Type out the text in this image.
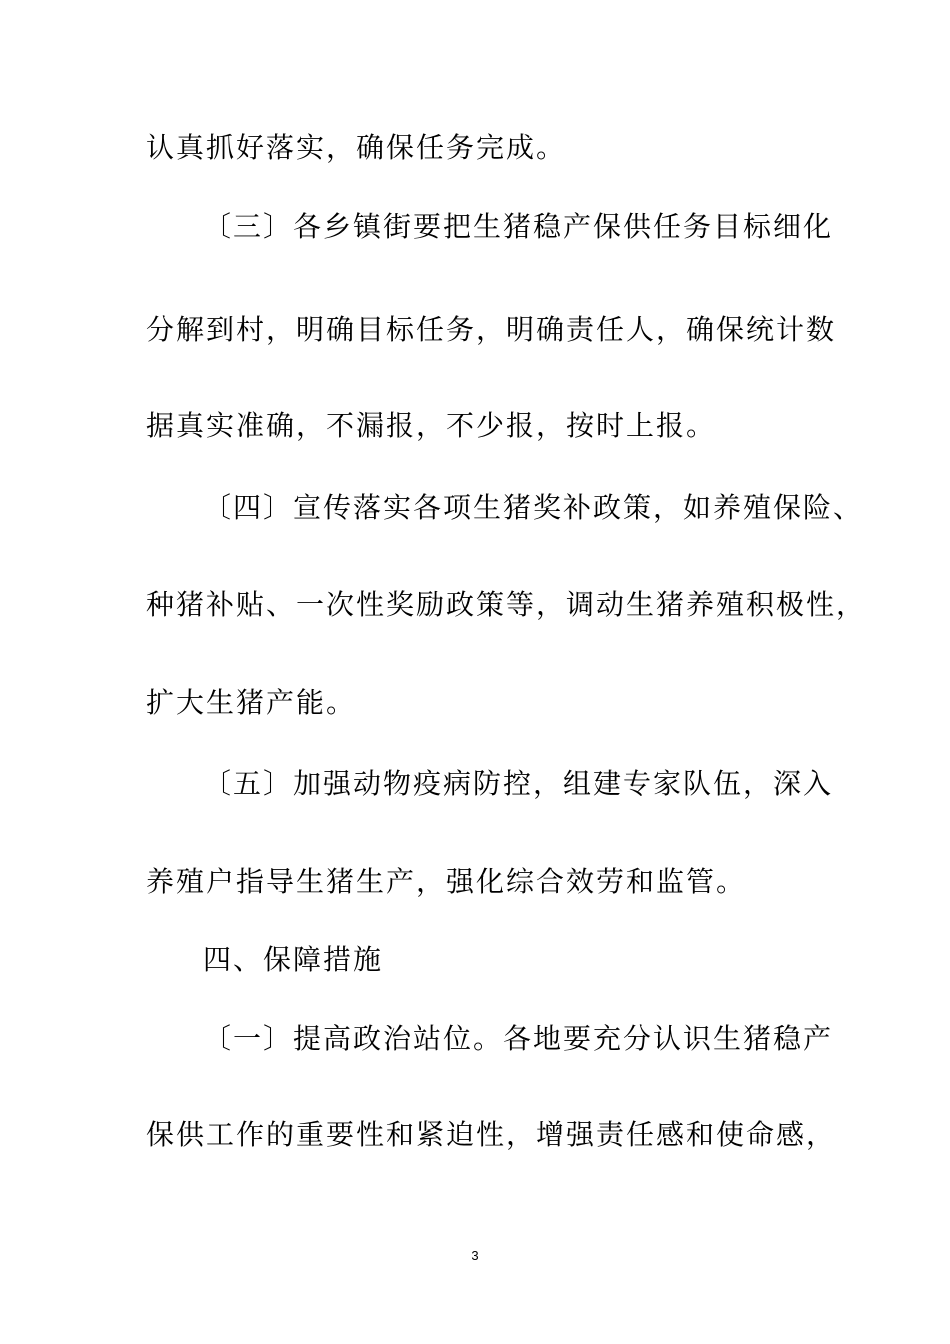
认真抓好落实，确保任务完成。
〔三〕各乡镇街要把生猪稳产保供任务目标细化
分解到村，明确目标任务，明确责任人，确保统计数
据真实准确，不漏报，不少报，按时上报。
〔四〕宣传落实各项生猪奖补政策，如养殖保险、
种猪补贴、一次性奖励政策等，调动生猪养殖积极性，
扩大生猪产能。
〔五〕加强动物疫病防控，组建专家队伍，深入
养殖户指导生猪生产，强化综合效劳和监管。
四、保障措施
〔一〕提高政治站位。各地要充分认识生猪稳产
保供工作的重要性和紧迫性，增强责任感和使命感，
3
